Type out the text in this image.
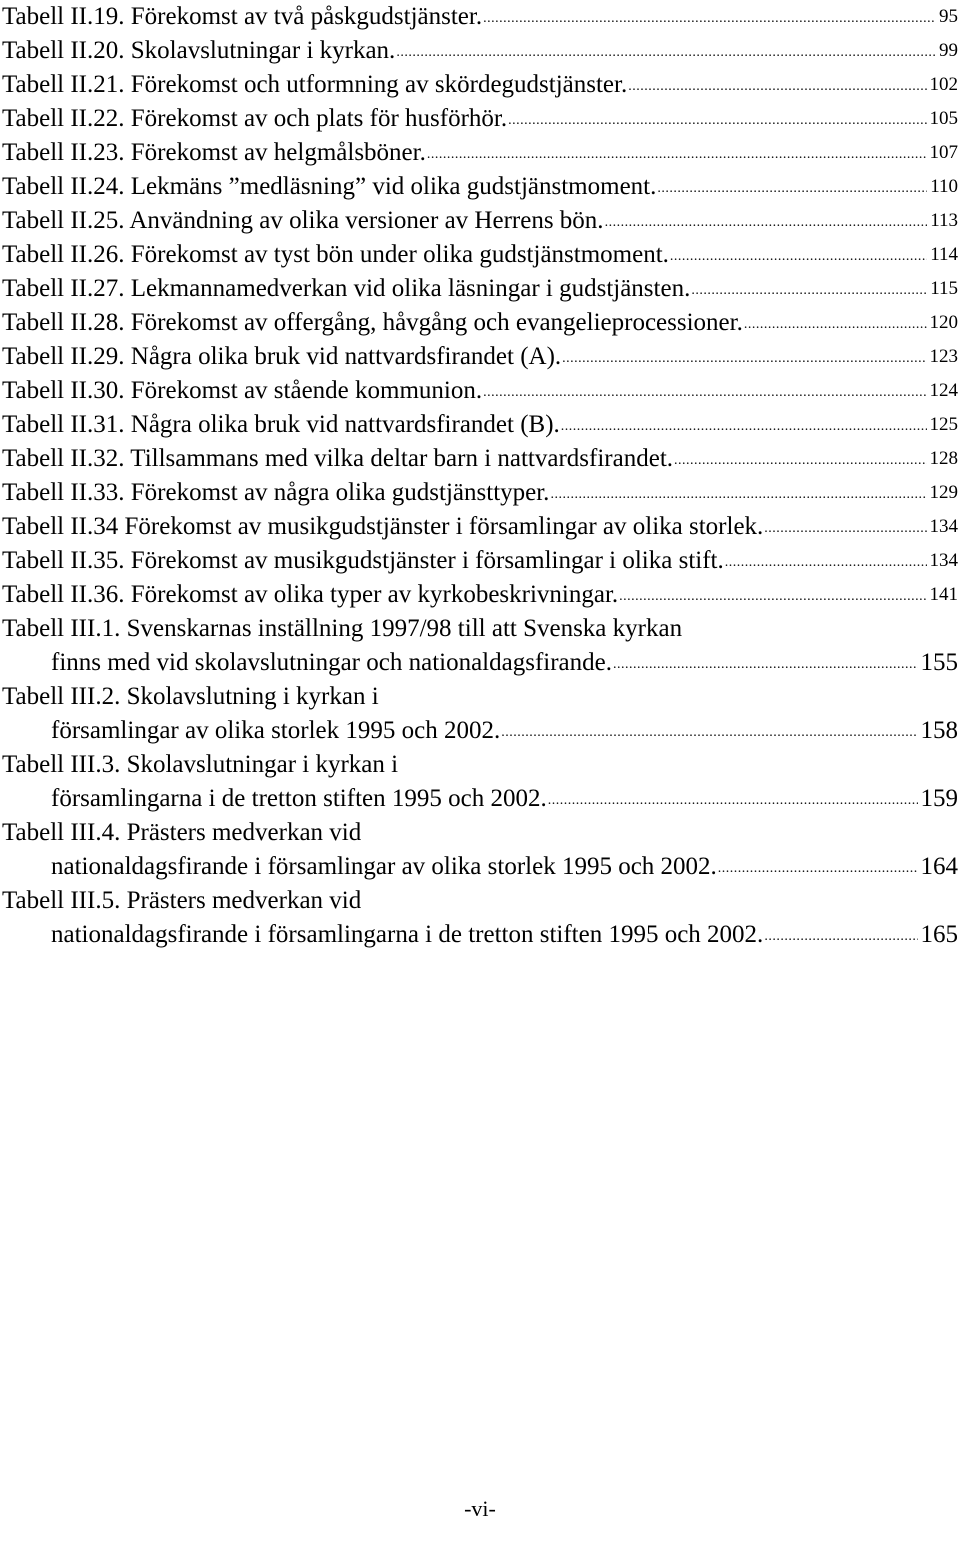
Tabell II.19. Förekomst av två påskgudstjänster. .....	95
Tabell II.20. Skolavslutningar i kyrkan. .....	99
Tabell II.21. Förekomst och utformning av skördegudstjänster. .....	102
Tabell II.22. Förekomst av och plats för husförhör. .....	105
Tabell II.23. Förekomst av helgmålsböner. .....	107
Tabell II.24. Lekmäns ”medläsning” vid olika gudstjänstmoment. .....	110
Tabell II.25. Användning av olika versioner av Herrens bön. .....	113
Tabell II.26. Förekomst av tyst bön under olika gudstjänstmoment. .....	114
Tabell II.27. Lekmannamedverkan vid olika läsningar i gudstjänsten. .....	115
Tabell II.28. Förekomst av offergång, håvgång och evangelieprocessioner. .....	120
Tabell II.29. Några olika bruk vid nattvardsfirandet (A). .....	123
Tabell II.30. Förekomst av stående kommunion. .....	124
Tabell II.31. Några olika bruk vid nattvardsfirandet (B). .....	125
Tabell II.32. Tillsammans med vilka deltar barn i nattvardsfirandet. .....	128
Tabell II.33. Förekomst av några olika gudstjänsttyper. .....	129
Tabell II.34 Förekomst av musikgudstjänster i församlingar av olika storlek. .....	134
Tabell II.35. Förekomst av musikgudstjänster i församlingar i olika stift. .....	134
Tabell II.36. Förekomst av olika typer av kyrkobeskrivningar. .....	141
Tabell III.1. Svenskarnas inställning 1997/98 till att Svenska kyrkan
finns med vid skolavslutningar och nationaldagsfirande. .....	155
Tabell III.2. Skolavslutning i kyrkan i
församlingar av olika storlek 1995 och 2002. .....	158
Tabell III.3. Skolavslutningar i kyrkan i
församlingarna i de tretton stiften 1995 och 2002. .....	159
Tabell III.4. Prästers medverkan vid
nationaldagsfirande i församlingar av olika storlek 1995 och 2002. .....	164
Tabell III.5. Prästers medverkan vid
nationaldagsfirande i församlingarna i de tretton stiften 1995 och 2002. .....	165
-vi-
